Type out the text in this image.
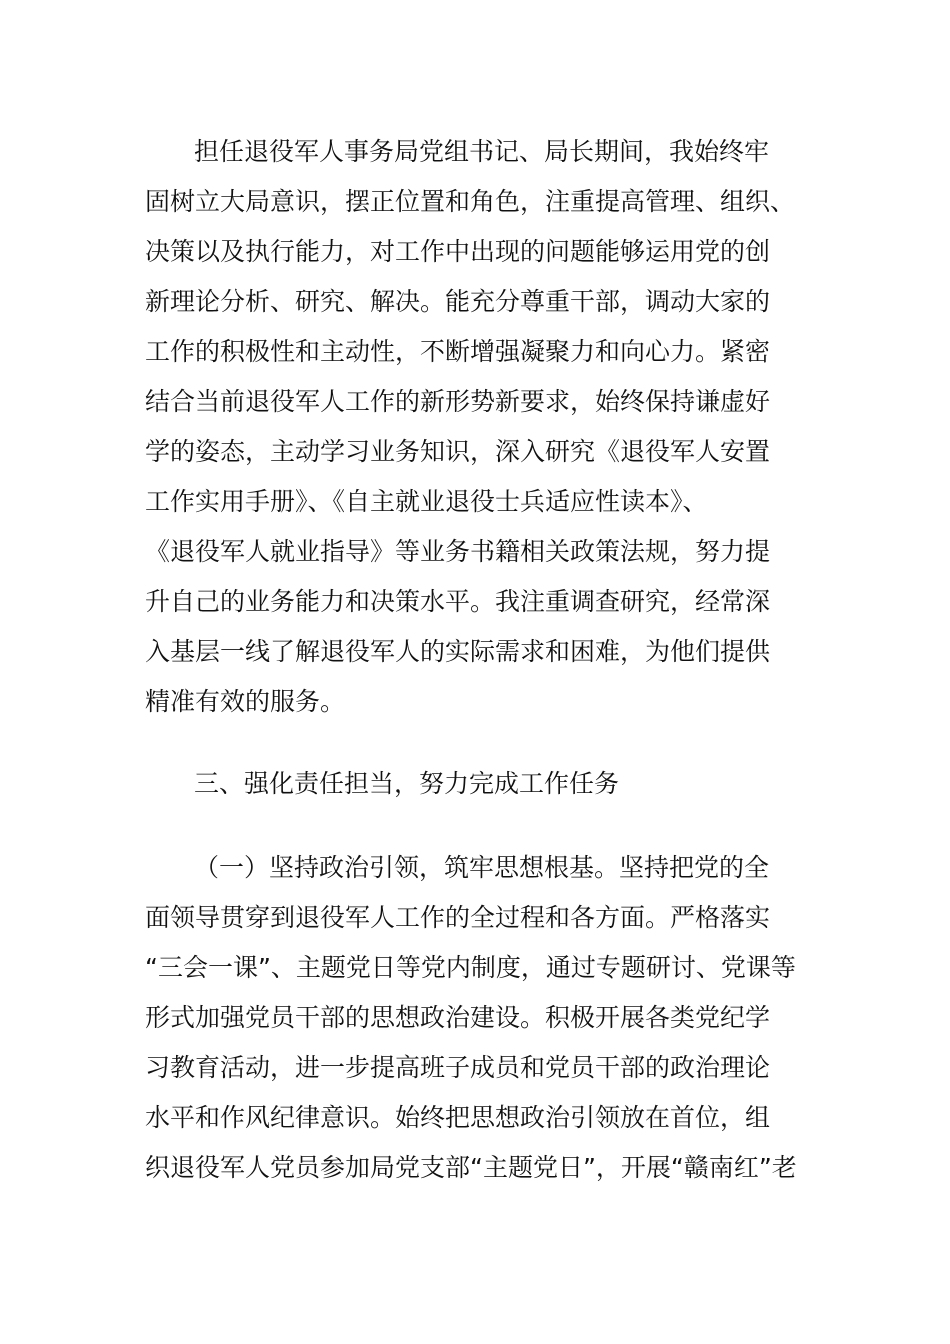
担任退役军人事务局党组书记、局长期间，我始终牢
固树立大局意识，摆正位置和角色，注重提高管理、组织、
决策以及执行能力，对工作中出现的问题能够运用党的创
新理论分析、研究、解决。能充分尊重干部，调动大家的
工作的积极性和主动性，不断增强凝聚力和向心力。紧密
结合当前退役军人工作的新形势新要求，始终保持谦虚好
学的姿态，主动学习业务知识，深入研究《退役军人安置
工作实用手册》、《自主就业退役士兵适应性读本》、
《退役军人就业指导》等业务书籍相关政策法规，努力提
升自己的业务能力和决策水平。我注重调查研究，经常深
入基层一线了解退役军人的实际需求和困难，为他们提供
精准有效的服务。
三、强化责任担当，努力完成工作任务
（一）坚持政治引领，筑牢思想根基。坚持把党的全
面领导贯穿到退役军人工作的全过程和各方面。严格落实
“三会一课”、主题党日等党内制度，通过专题研讨、党课等
形式加强党员干部的思想政治建设。积极开展各类党纪学
习教育活动，进一步提高班子成员和党员干部的政治理论
水平和作风纪律意识。始终把思想政治引领放在首位，组
织退役军人党员参加局党支部“主题党日”，开展“赣南红”老
